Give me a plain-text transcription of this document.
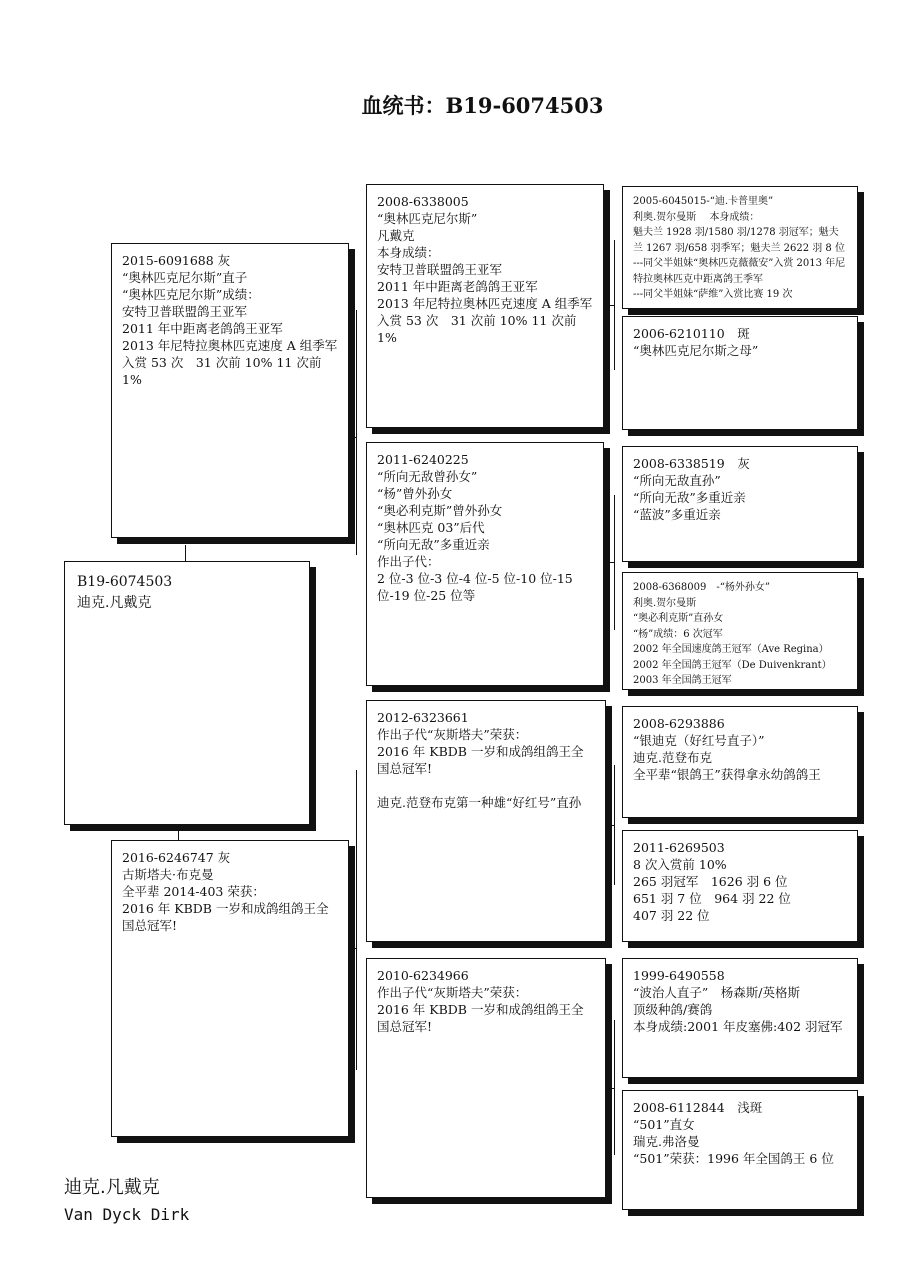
血统书：B19-6074503
B19-6074503
迪克.凡戴克
2015-6091688 灰
“奥林匹克尼尔斯”直子
“奥林匹克尼尔斯”成绩：
安特卫普联盟鸽王亚军
2011 年中距离老鸽鸽王亚军
2013 年尼特拉奥林匹克速度 A 组季军
入赏 53 次　31 次前 10% 11 次前 1%
2016-6246747 灰
古斯塔夫·布克曼
全平辈 2014-403 荣获：
2016 年 KBDB 一岁和成鸽组鸽王全国总冠军!
2008-6338005
“奥林匹克尼尔斯”
凡戴克
本身成绩：
安特卫普联盟鸽王亚军
2011 年中距离老鸽鸽王亚军
2013 年尼特拉奥林匹克速度 A 组季军
入赏 53 次　31 次前 10% 11 次前 1%
2011-6240225
“所向无敌曾孙女”
“杨”曾外孙女
“奥必利克斯”曾外孙女
“奥林匹克 03”后代
“所向无敌”多重近亲
作出子代：
2 位-3 位-3 位-4 位-5 位-10 位-15 位-19 位-25 位等
2012-6323661
作出子代“灰斯塔夫”荣获：
2016 年 KBDB 一岁和成鸽组鸽王全国总冠军!
迪克.范登布克第一种雄“好红号”直孙
2010-6234966
作出子代“灰斯塔夫”荣获：
2016 年 KBDB 一岁和成鸽组鸽王全国总冠军!
2005-6045015-“迪.卡普里奥”
利奥.贺尔曼斯　 本身成绩：
魁夫兰 1928 羽/1580 羽/1278 羽冠军；魁夫兰 1267 羽/658 羽季军；魁夫兰 2622 羽 8 位
---同父半姐妹“奥林匹克薇薇安”入赏 2013 年尼特拉奥林匹克中距离鸽王季军
---同父半姐妹“萨维”入赏比赛 19 次
2006-6210110　斑
“奥林匹克尼尔斯之母”
2008-6338519　灰
“所向无敌直孙”
“所向无敌”多重近亲
“蓝波”多重近亲
2008-6368009　-“杨外孙女”
利奥.贺尔曼斯
“奥必利克斯”直孙女
“杨”成绩：6 次冠军
2002 年全国速度鸽王冠军（Ave Regina）
2002 年全国鸽王冠军（De Duivenkrant）
2003 年全国鸽王冠军
2008-6293886
“银迪克（好红号直子）”
迪克.范登布克
全平辈“银鸽王”获得拿永幼鸽鸽王
2011-6269503
8 次入赏前 10%
265 羽冠军　1626 羽 6 位
651 羽 7 位　964 羽 22 位
407 羽 22 位
1999-6490558
“波治人直子”　杨森斯/英格斯
顶级种鸽/赛鸽
本身成绩:2001 年皮塞佛:402 羽冠军
2008-6112844　浅斑
“501”直女
瑞克.弗洛曼
“501”荣获：1996 年全国鸽王 6 位
迪克.凡戴克
Van Dyck Dirk
